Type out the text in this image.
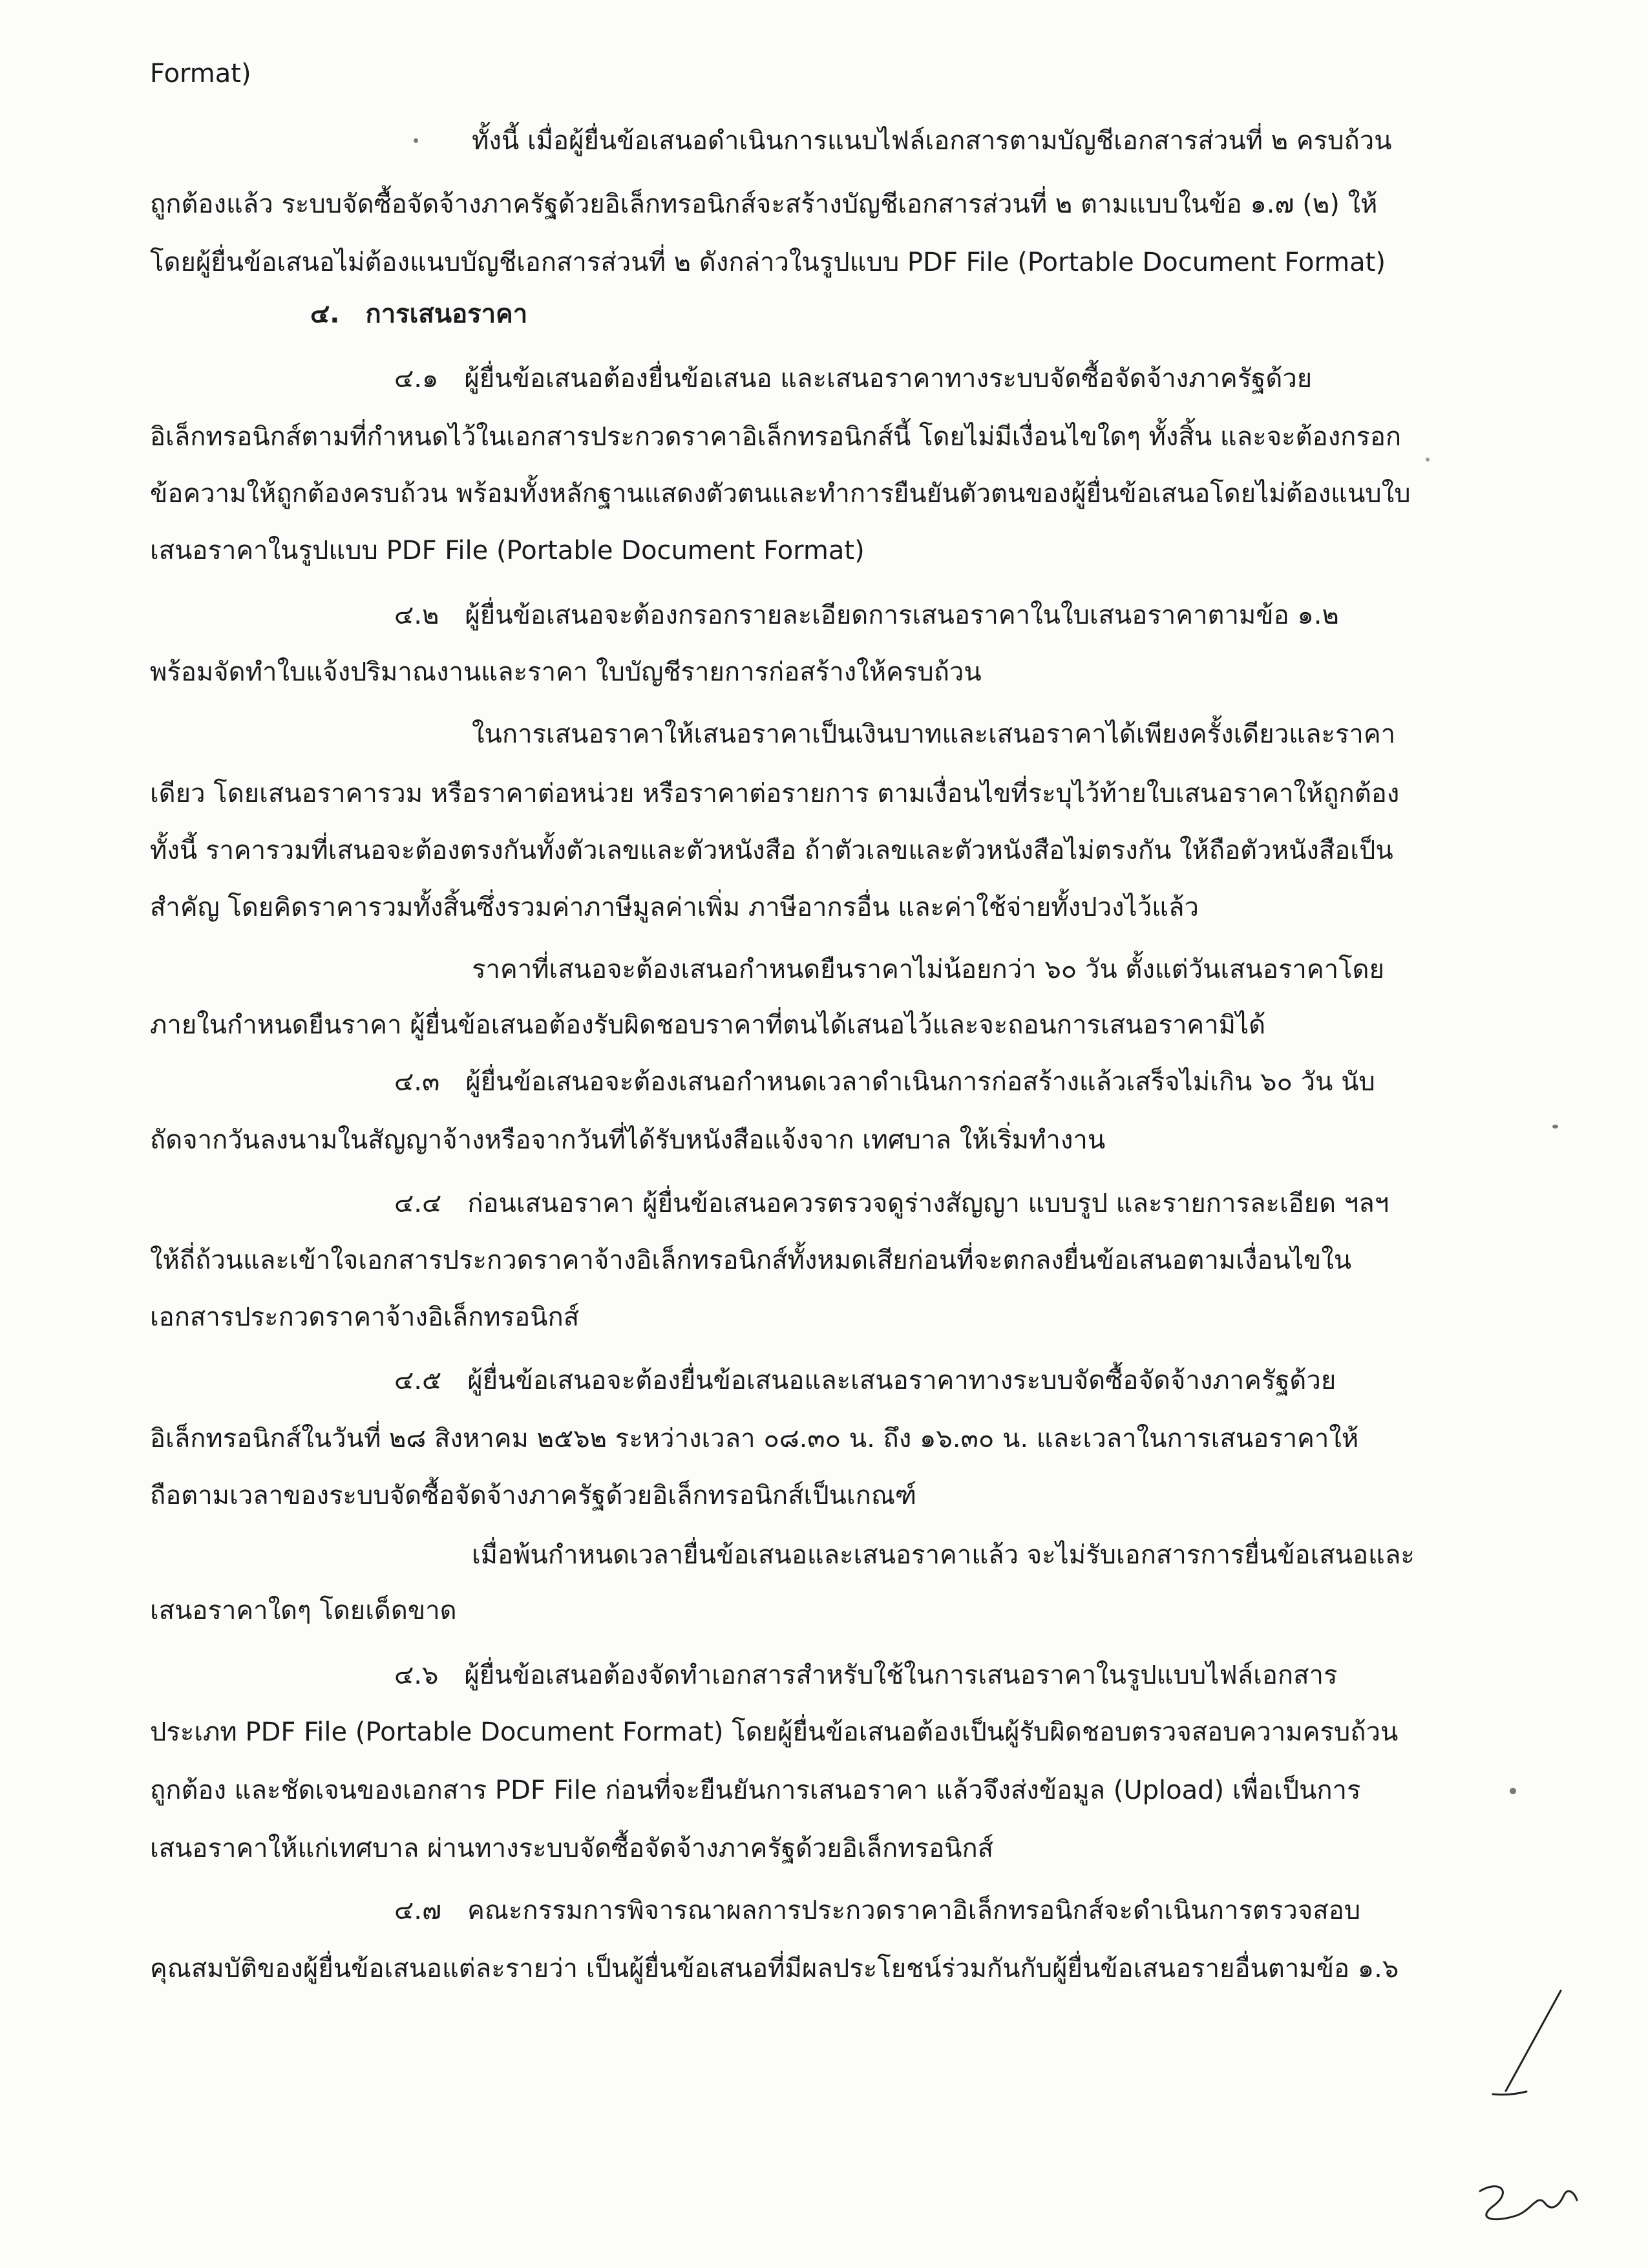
Format)
ทั้งนี้ เมื่อผู้ยื่นข้อเสนอดำเนินการแนบไฟล์เอกสารตามบัญชีเอกสารส่วนที่ ๒ ครบถ้วน
ถูกต้องแล้ว ระบบจัดซื้อจัดจ้างภาครัฐด้วยอิเล็กทรอนิกส์จะสร้างบัญชีเอกสารส่วนที่ ๒ ตามแบบในข้อ ๑.๗ (๒) ให้
โดยผู้ยื่นข้อเสนอไม่ต้องแนบบัญชีเอกสารส่วนที่ ๒ ดังกล่าวในรูปแบบ PDF File (Portable Document Format)
๔. การเสนอราคา
๔.๑ ผู้ยื่นข้อเสนอต้องยื่นข้อเสนอ และเสนอราคาทางระบบจัดซื้อจัดจ้างภาครัฐด้วย
อิเล็กทรอนิกส์ตามที่กำหนดไว้ในเอกสารประกวดราคาอิเล็กทรอนิกส์นี้ โดยไม่มีเงื่อนไขใดๆ ทั้งสิ้น และจะต้องกรอก
ข้อความให้ถูกต้องครบถ้วน พร้อมทั้งหลักฐานแสดงตัวตนและทำการยืนยันตัวตนของผู้ยื่นข้อเสนอโดยไม่ต้องแนบใบ
เสนอราคาในรูปแบบ PDF File (Portable Document Format)
๔.๒ ผู้ยื่นข้อเสนอจะต้องกรอกรายละเอียดการเสนอราคาในใบเสนอราคาตามข้อ ๑.๒
พร้อมจัดทำใบแจ้งปริมาณงานและราคา ใบบัญชีรายการก่อสร้างให้ครบถ้วน
ในการเสนอราคาให้เสนอราคาเป็นเงินบาทและเสนอราคาได้เพียงครั้งเดียวและราคา
เดียว โดยเสนอราคารวม หรือราคาต่อหน่วย หรือราคาต่อรายการ ตามเงื่อนไขที่ระบุไว้ท้ายใบเสนอราคาให้ถูกต้อง
ทั้งนี้ ราคารวมที่เสนอจะต้องตรงกันทั้งตัวเลขและตัวหนังสือ ถ้าตัวเลขและตัวหนังสือไม่ตรงกัน ให้ถือตัวหนังสือเป็น
สำคัญ โดยคิดราคารวมทั้งสิ้นซึ่งรวมค่าภาษีมูลค่าเพิ่ม ภาษีอากรอื่น และค่าใช้จ่ายทั้งปวงไว้แล้ว
ราคาที่เสนอจะต้องเสนอกำหนดยืนราคาไม่น้อยกว่า ๖๐ วัน ตั้งแต่วันเสนอราคาโดย
ภายในกำหนดยืนราคา ผู้ยื่นข้อเสนอต้องรับผิดชอบราคาที่ตนได้เสนอไว้และจะถอนการเสนอราคามิได้
๔.๓ ผู้ยื่นข้อเสนอจะต้องเสนอกำหนดเวลาดำเนินการก่อสร้างแล้วเสร็จไม่เกิน ๖๐ วัน นับ
ถัดจากวันลงนามในสัญญาจ้างหรือจากวันที่ได้รับหนังสือแจ้งจาก เทศบาล ให้เริ่มทำงาน
๔.๔ ก่อนเสนอราคา ผู้ยื่นข้อเสนอควรตรวจดูร่างสัญญา แบบรูป และรายการละเอียด ฯลฯ
ให้ถี่ถ้วนและเข้าใจเอกสารประกวดราคาจ้างอิเล็กทรอนิกส์ทั้งหมดเสียก่อนที่จะตกลงยื่นข้อเสนอตามเงื่อนไขใน
เอกสารประกวดราคาจ้างอิเล็กทรอนิกส์
๔.๕ ผู้ยื่นข้อเสนอจะต้องยื่นข้อเสนอและเสนอราคาทางระบบจัดซื้อจัดจ้างภาครัฐด้วย
อิเล็กทรอนิกส์ในวันที่ ๒๘ สิงหาคม ๒๕๖๒ ระหว่างเวลา ๐๘.๓๐ น. ถึง ๑๖.๓๐ น. และเวลาในการเสนอราคาให้
ถือตามเวลาของระบบจัดซื้อจัดจ้างภาครัฐด้วยอิเล็กทรอนิกส์เป็นเกณฑ์
เมื่อพ้นกำหนดเวลายื่นข้อเสนอและเสนอราคาแล้ว จะไม่รับเอกสารการยื่นข้อเสนอและ
เสนอราคาใดๆ โดยเด็ดขาด
๔.๖ ผู้ยื่นข้อเสนอต้องจัดทำเอกสารสำหรับใช้ในการเสนอราคาในรูปแบบไฟล์เอกสาร
ประเภท PDF File (Portable Document Format) โดยผู้ยื่นข้อเสนอต้องเป็นผู้รับผิดชอบตรวจสอบความครบถ้วน
ถูกต้อง และชัดเจนของเอกสาร PDF File ก่อนที่จะยืนยันการเสนอราคา แล้วจึงส่งข้อมูล (Upload) เพื่อเป็นการ
เสนอราคาให้แก่เทศบาล ผ่านทางระบบจัดซื้อจัดจ้างภาครัฐด้วยอิเล็กทรอนิกส์
๔.๗ คณะกรรมการพิจารณาผลการประกวดราคาอิเล็กทรอนิกส์จะดำเนินการตรวจสอบ
คุณสมบัติของผู้ยื่นข้อเสนอแต่ละรายว่า เป็นผู้ยื่นข้อเสนอที่มีผลประโยชน์ร่วมกันกับผู้ยื่นข้อเสนอรายอื่นตามข้อ ๑.๖
